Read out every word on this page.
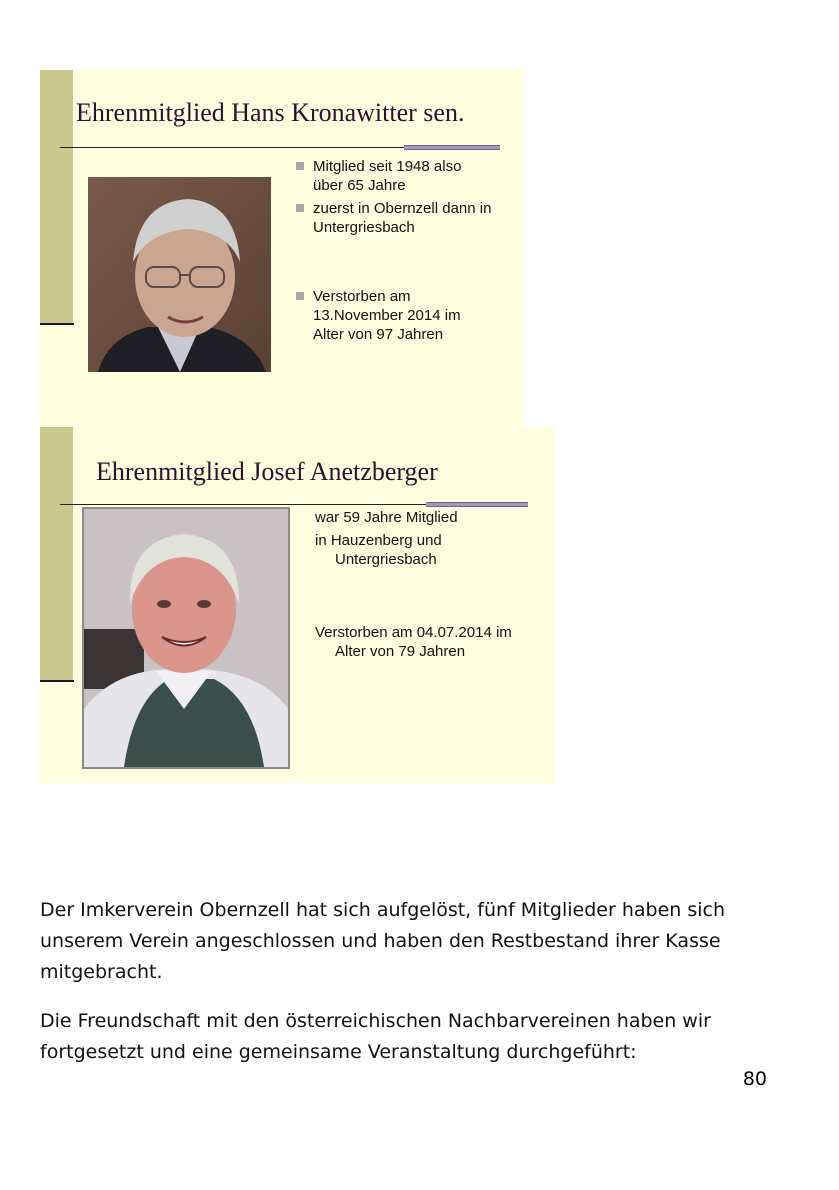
Ehrenmitglied Hans Kronawitter sen.
Mitglied seit 1948 also
über 65 Jahre
zuerst in Obernzell dann in
Untergriesbach
Verstorben am
13.November 2014 im
Alter von 97 Jahren
Ehrenmitglied Josef Anetzberger
war 59 Jahre Mitglied
in Hauzenberg und
Untergriesbach
Verstorben am 04.07.2014 im
Alter von 79 Jahren
Der Imkerverein Obernzell hat sich aufgelöst, fünf Mitglieder haben sich unserem Verein angeschlossen und haben den Restbestand ihrer Kasse mitgebracht.
Die Freundschaft mit den österreichischen Nachbarvereinen haben wir fortgesetzt und eine gemeinsame Veranstaltung durchgeführt:
80
